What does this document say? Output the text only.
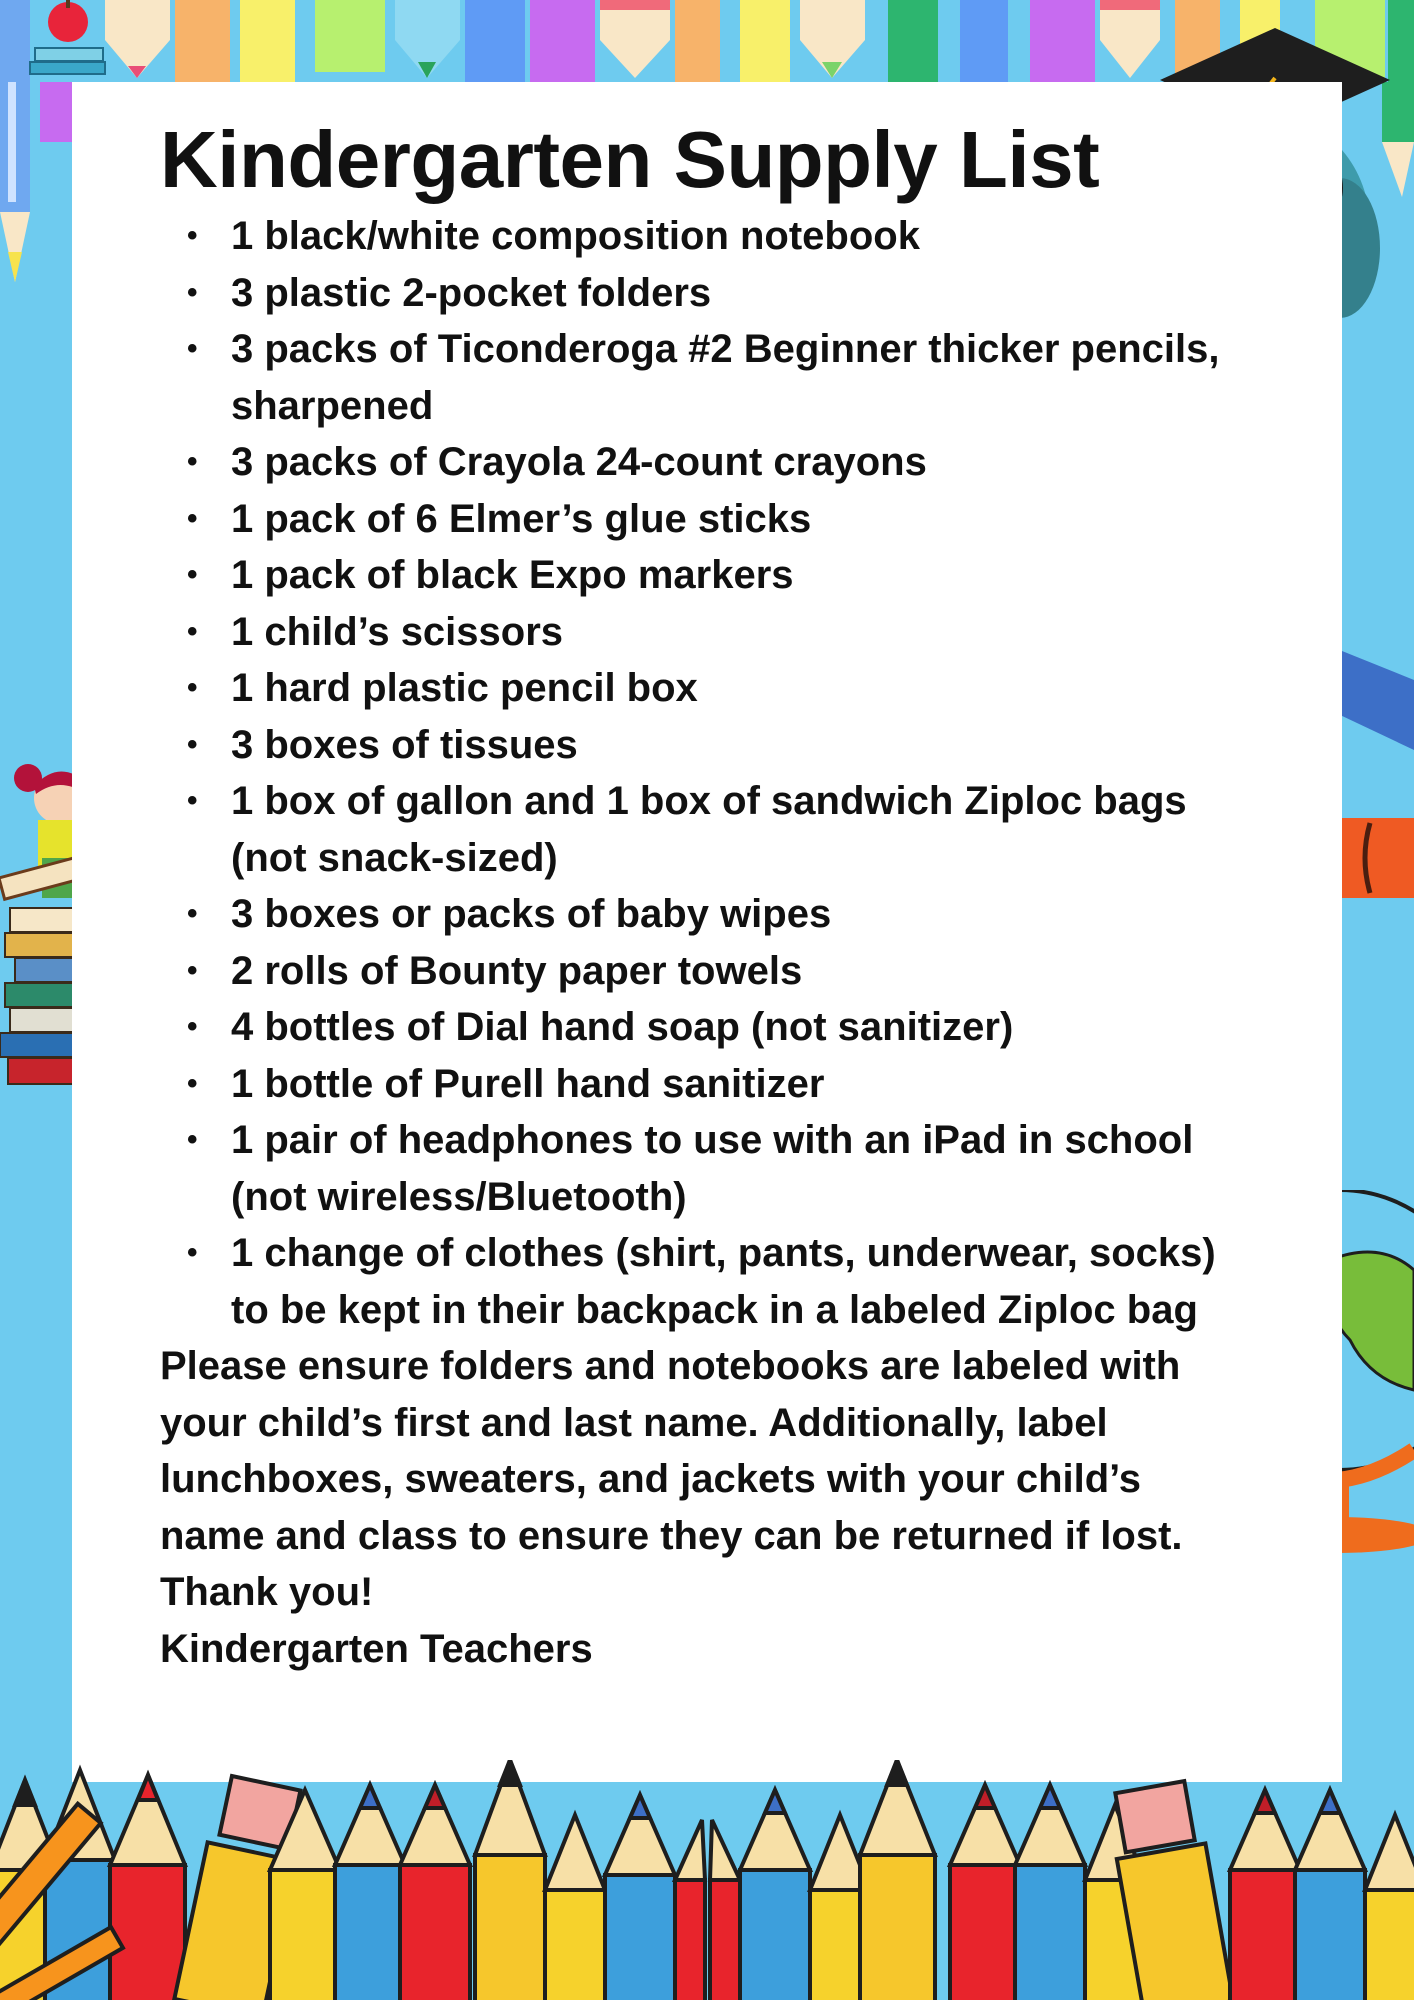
Kindergarten Supply List
• 1 black/white composition notebook
• 3 plastic 2-pocket folders
• 3 packs of Ticonderoga #2 Beginner thicker pencils, sharpened
• 3 packs of Crayola 24-count crayons
• 1 pack of 6 Elmer’s glue sticks
• 1 pack of black Expo markers
• 1 child’s scissors
• 1 hard plastic pencil box
• 3 boxes of tissues
• 1 box of gallon and 1 box of sandwich Ziploc bags (not snack-sized)
• 3 boxes or packs of baby wipes
• 2 rolls of Bounty paper towels
• 4 bottles of Dial hand soap (not sanitizer)
• 1 bottle of Purell hand sanitizer
• 1 pair of headphones to use with an iPad in school (not wireless/Bluetooth)
• 1 change of clothes (shirt, pants, underwear, socks) to be kept in their backpack in a labeled Ziploc bag
Please ensure folders and notebooks are labeled with your child’s first and last name. Additionally, label lunchboxes, sweaters, and jackets with your child’s name and class to ensure they can be returned if lost.
Thank you!
Kindergarten Teachers
